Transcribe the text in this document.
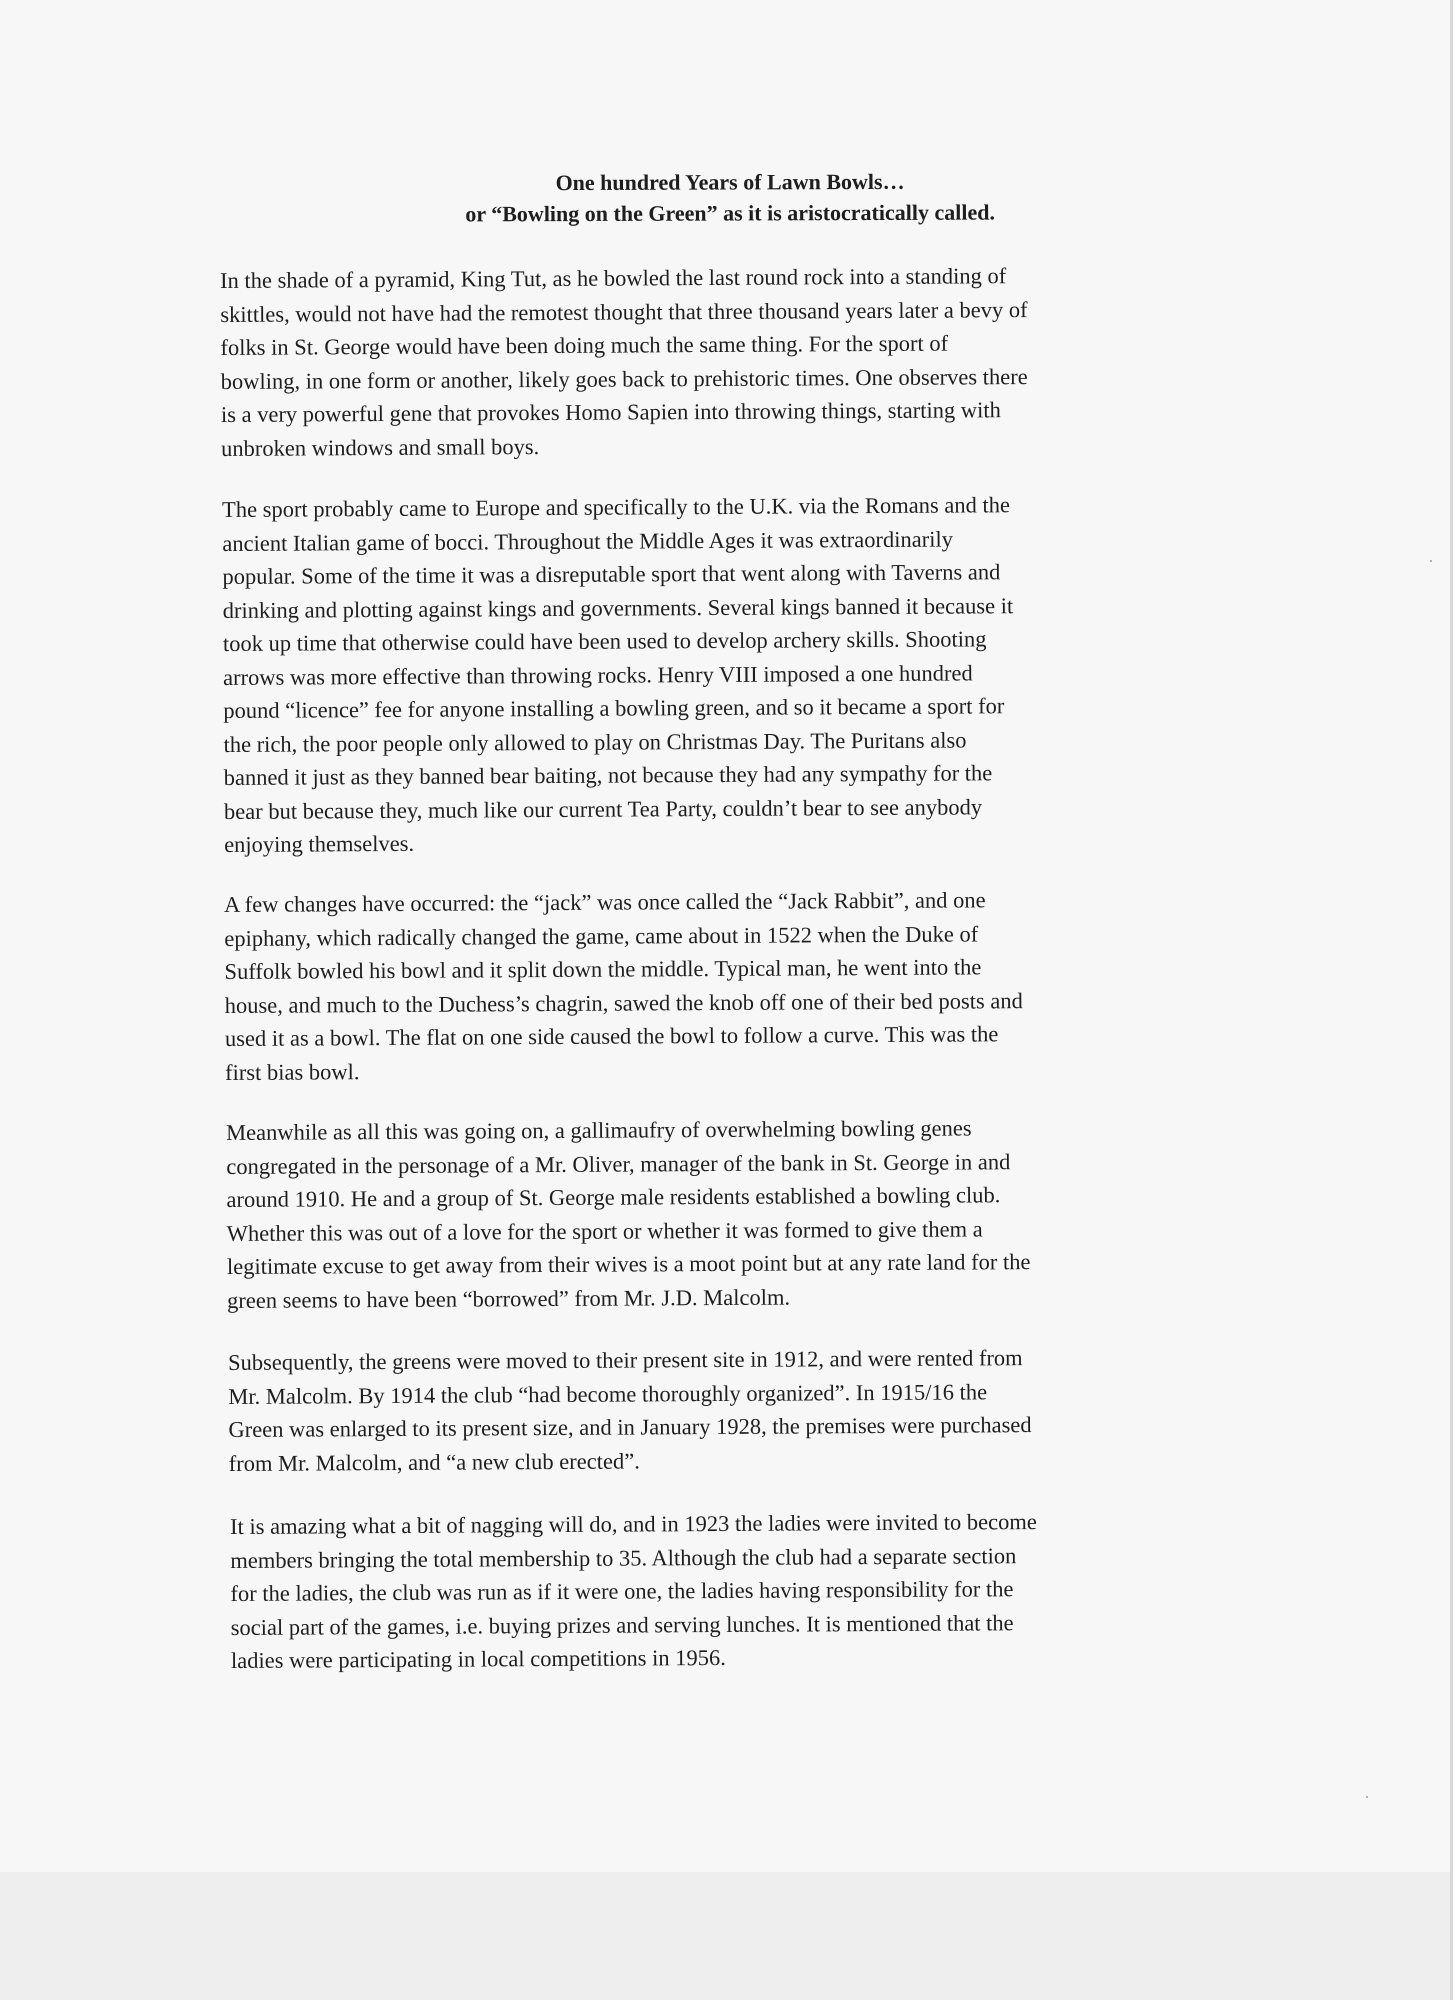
One hundred Years of Lawn Bowls…
or “Bowling on the Green” as it is aristocratically called.
In the shade of a pyramid, King Tut, as he bowled the last round rock into a standing of
skittles, would not have had the remotest thought that three thousand years later a bevy of
folks in St. George would have been doing much the same thing. For the sport of
bowling, in one form or another, likely goes back to prehistoric times. One observes there
is a very powerful gene that provokes Homo Sapien into throwing things, starting with
unbroken windows and small boys.
The sport probably came to Europe and specifically to the U.K. via the Romans and the
ancient Italian game of bocci. Throughout the Middle Ages it was extraordinarily
popular. Some of the time it was a disreputable sport that went along with Taverns and
drinking and plotting against kings and governments. Several kings banned it because it
took up time that otherwise could have been used to develop archery skills. Shooting
arrows was more effective than throwing rocks. Henry VIII imposed a one hundred
pound “licence” fee for anyone installing a bowling green, and so it became a sport for
the rich, the poor people only allowed to play on Christmas Day. The Puritans also
banned it just as they banned bear baiting, not because they had any sympathy for the
bear but because they, much like our current Tea Party, couldn’t bear to see anybody
enjoying themselves.
A few changes have occurred: the “jack” was once called the “Jack Rabbit”, and one
epiphany, which radically changed the game, came about in 1522 when the Duke of
Suffolk bowled his bowl and it split down the middle. Typical man, he went into the
house, and much to the Duchess’s chagrin, sawed the knob off one of their bed posts and
used it as a bowl. The flat on one side caused the bowl to follow a curve. This was the
first bias bowl.
Meanwhile as all this was going on, a gallimaufry of overwhelming bowling genes
congregated in the personage of a Mr. Oliver, manager of the bank in St. George in and
around 1910. He and a group of St. George male residents established a bowling club.
Whether this was out of a love for the sport or whether it was formed to give them a
legitimate excuse to get away from their wives is a moot point but at any rate land for the
green seems to have been “borrowed” from Mr. J.D. Malcolm.
Subsequently, the greens were moved to their present site in 1912, and were rented from
Mr. Malcolm. By 1914 the club “had become thoroughly organized”. In 1915/16 the
Green was enlarged to its present size, and in January 1928, the premises were purchased
from Mr. Malcolm, and “a new club erected”.
It is amazing what a bit of nagging will do, and in 1923 the ladies were invited to become
members bringing the total membership to 35. Although the club had a separate section
for the ladies, the club was run as if it were one, the ladies having responsibility for the
social part of the games, i.e. buying prizes and serving lunches. It is mentioned that the
ladies were participating in local competitions in 1956.
